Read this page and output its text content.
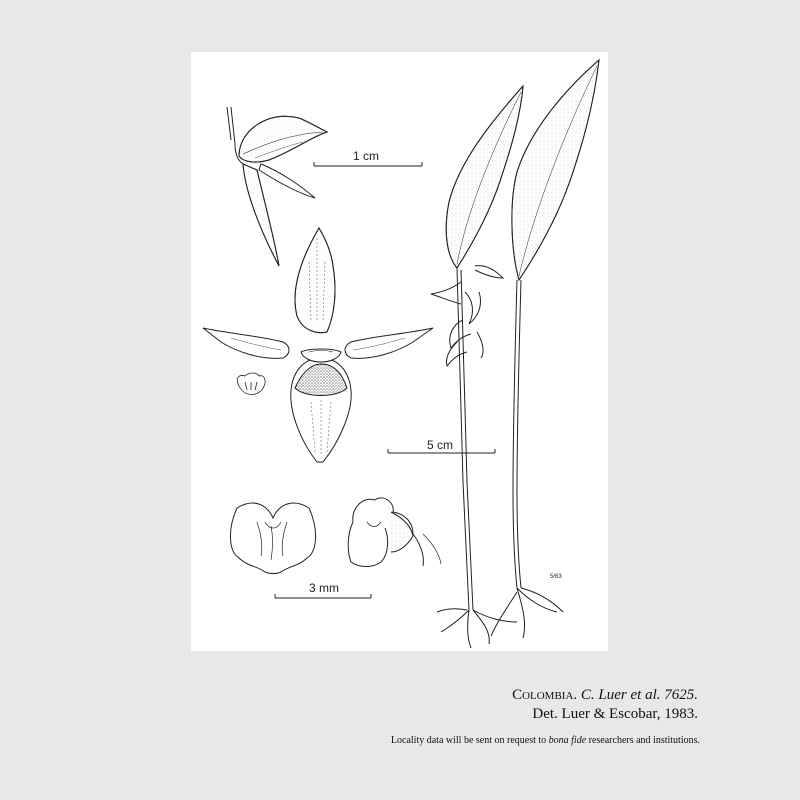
1 cm
5 cm
3 mm
5/63
Colombia. C. Luer et al. 7625.
Det. Luer & Escobar, 1983.
Locality data will be sent on request to bona fide researchers and institutions.
